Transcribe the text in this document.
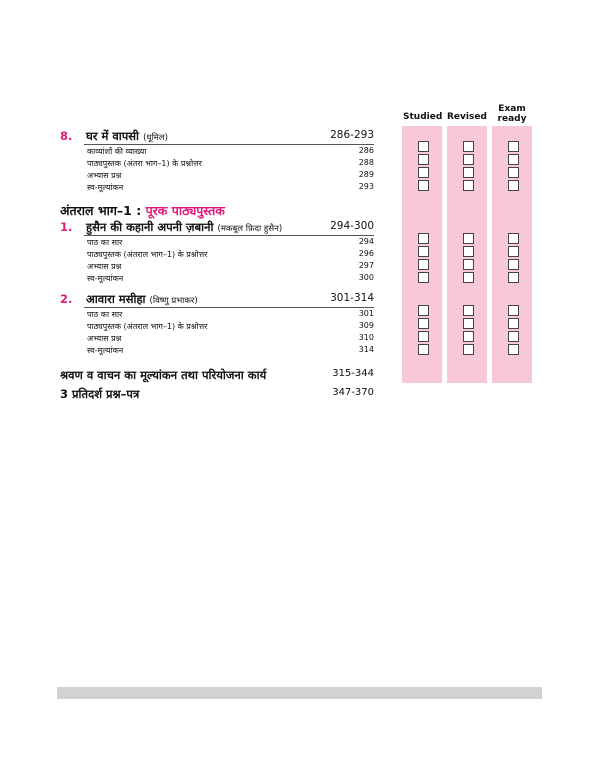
Studied Revised
Exam
ready
8. घर में वापसी (धूमिल)	286-293
काव्यांशों की व्याख्या	286
पाठ्यपुस्तक (अंतरा भाग–1) के प्रश्नोत्तर	288
अभ्यास प्रश्न	289
स्व-मूल्यांकन	293
अंतराल भाग–1 : पूरक पाठ्यपुस्तक
1. हुसैन की कहानी अपनी ज़बानी (मकबूल फ़िदा हुसैन)	294-300
पाठ का सार	294
पाठ्यपुस्तक (अंतराल भाग–1) के प्रश्नोत्तर	296
अभ्यास प्रश्न	297
स्व-मूल्यांकन	300
2. आवारा मसीहा (विष्णु प्रभाकर)	301-314
पाठ का सार	301
पाठ्यपुस्तक (अंतराल भाग–1) के प्रश्नोत्तर	309
अभ्यास प्रश्न	310
स्व-मूल्यांकन	314
श्रवण व वाचन का मूल्यांकन तथा परियोजना कार्य	315-344
3 प्रतिदर्श प्रश्न–पत्र	347-370
